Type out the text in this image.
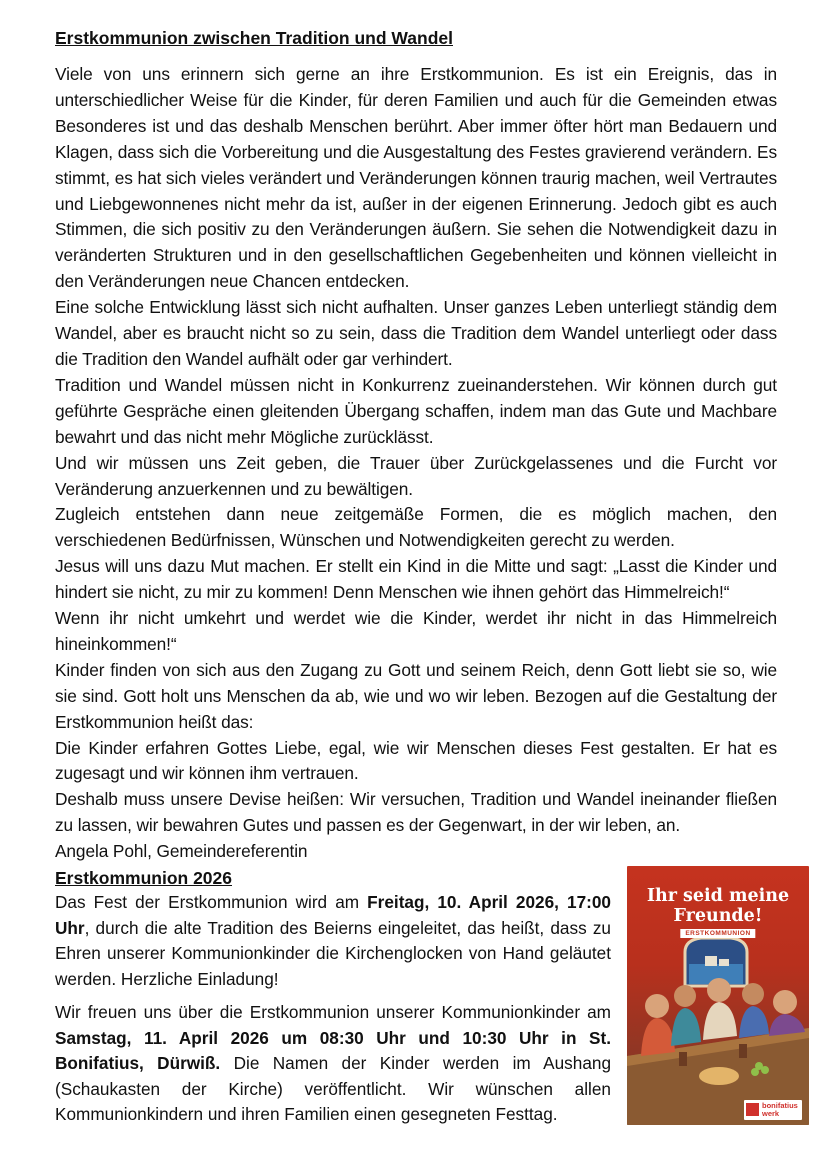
Erstkommunion zwischen Tradition und Wandel

Viele von uns erinnern sich gerne an ihre Erstkommunion. Es ist ein Ereignis, das in unterschiedlicher Weise für die Kinder, für deren Familien und auch für die Gemeinden etwas Besonderes ist und das deshalb Menschen berührt. Aber immer öfter hört man Bedauern und Klagen, dass sich die Vorbereitung und die Ausgestaltung des Festes gravierend verändern. Es stimmt, es hat sich vieles verändert und Veränderungen können traurig machen, weil Vertrautes und Liebgewonnenes nicht mehr da ist, außer in der eigenen Erinnerung. Jedoch gibt es auch Stimmen, die sich positiv zu den Veränderungen äußern. Sie sehen die Notwendigkeit dazu in veränderten Strukturen und in den gesellschaftlichen Gegebenheiten und können vielleicht in den Veränderungen neue Chancen entdecken.

Eine solche Entwicklung lässt sich nicht aufhalten. Unser ganzes Leben unterliegt ständig dem Wandel, aber es braucht nicht so zu sein, dass die Tradition dem Wandel unterliegt oder dass die Tradition den Wandel aufhält oder gar verhindert.

Tradition und Wandel müssen nicht in Konkurrenz zueinanderstehen. Wir können durch gut geführte Gespräche einen gleitenden Übergang schaffen, indem man das Gute und Machbare bewahrt und das nicht mehr Mögliche zurücklässt.

Und wir müssen uns Zeit geben, die Trauer über Zurückgelassenes und die Furcht vor Veränderung anzuerkennen und zu bewältigen.

Zugleich entstehen dann neue zeitgemäße Formen, die es möglich machen, den verschiedenen Bedürfnissen, Wünschen und Notwendigkeiten gerecht zu werden.

Jesus will uns dazu Mut machen. Er stellt ein Kind in die Mitte und sagt: „Lasst die Kinder und hindert sie nicht, zu mir zu kommen! Denn Menschen wie ihnen gehört das Himmelreich!“

Wenn ihr nicht umkehrt und werdet wie die Kinder, werdet ihr nicht in das Himmelreich hineinkommen!“

Kinder finden von sich aus den Zugang zu Gott und seinem Reich, denn Gott liebt sie so, wie sie sind. Gott holt uns Menschen da ab, wie und wo wir leben. Bezogen auf die Gestaltung der Erstkommunion heißt das:

Die Kinder erfahren Gottes Liebe, egal, wie wir Menschen dieses Fest gestalten. Er hat es zugesagt und wir können ihm vertrauen.

Deshalb muss unsere Devise heißen: Wir versuchen, Tradition und Wandel ineinander fließen zu lassen, wir bewahren Gutes und passen es der Gegenwart, in der wir leben, an.

Angela Pohl, Gemeindereferentin

Erstkommunion 2026

Das Fest der Erstkommunion wird am Freitag, 10. April 2026, 17:00 Uhr, durch die alte Tradition des Beierns eingeleitet, das heißt, dass zu Ehren unserer Kommunionkinder die Kirchenglocken von Hand geläutet werden. Herzliche Einladung!

Wir freuen uns über die Erstkommunion unserer Kommunionkinder am Samstag, 11. April 2026 um 08:30 Uhr und 10:30 Uhr in St. Bonifatius, Dürwiß. Die Namen der Kinder werden im Aushang (Schaukasten der Kirche) veröffentlicht. Wir wünschen allen Kommunionkindern und ihren Familien einen gesegneten Festtag.

Ihr seid meine
Freunde!
ERSTKOMMUNION
bonifatius
werk
